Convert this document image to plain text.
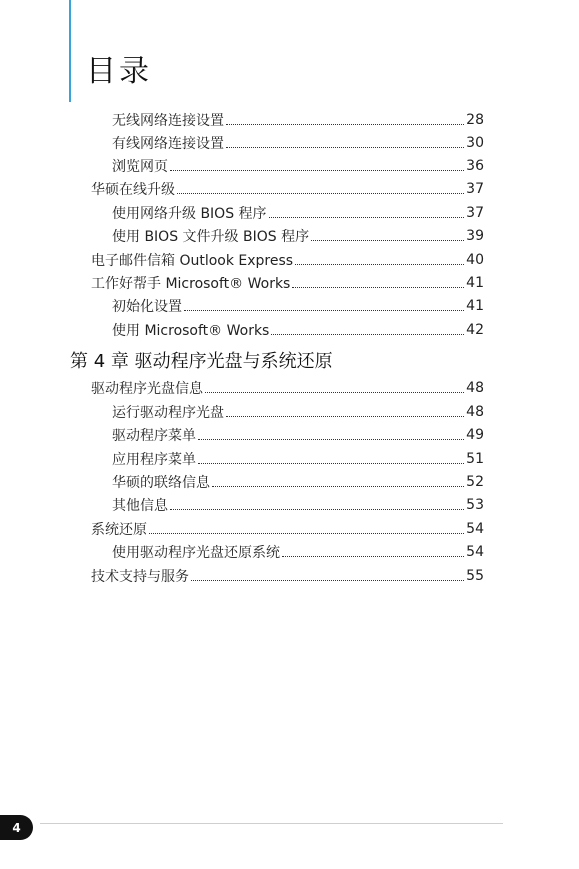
目录
无线网络连接设置	28
有线网络连接设置	30
浏览网页	36
华硕在线升级	37
使用网络升级 BIOS 程序	37
使用 BIOS 文件升级 BIOS 程序	39
电子邮件信箱 Outlook Express	40
工作好帮手 Microsoft® Works	41
初始化设置	41
使用 Microsoft® Works	42
第 4 章 驱动程序光盘与系统还原
驱动程序光盘信息	48
运行驱动程序光盘	48
驱动程序菜单	49
应用程序菜单	51
华硕的联络信息	52
其他信息	53
系统还原	54
使用驱动程序光盘还原系统	54
技术支持与服务	55
4
